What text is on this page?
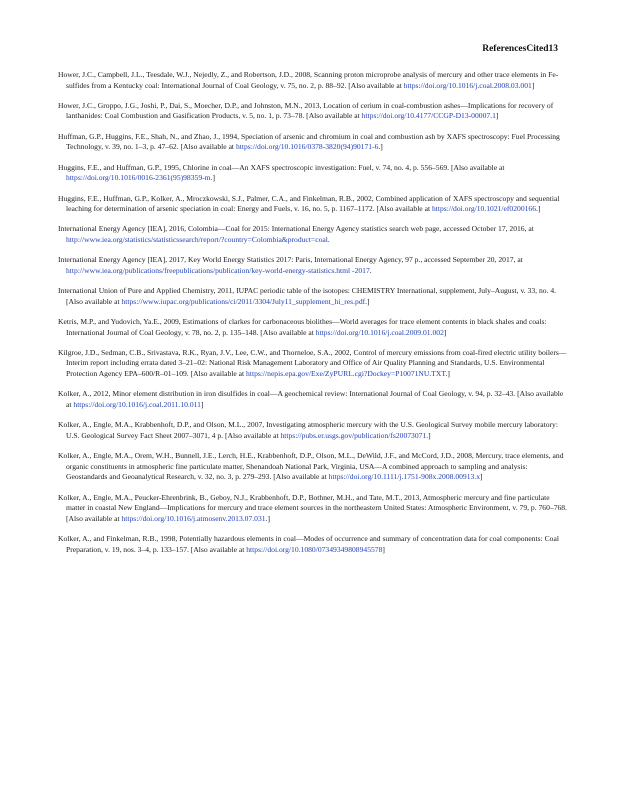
ReferencesCited13
Hower, J.C., Campbell, J.L., Teesdale, W.J., Nejedly, Z., and Robertson, J.D., 2008, Scanning proton microprobe analysis of mercury and other trace elements in Fe-sulfides from a Kentucky coal: International Journal of Coal Geology, v. 75, no. 2, p. 88–92. [Also available at https://doi.org/10.1016/j.coal.2008.03.001]
Hower, J.C., Groppo, J.G., Joshi, P., Dai, S., Moecher, D.P., and Johnston, M.N., 2013, Location of cerium in coal-combustion ashes—Implications for recovery of lanthanides: Coal Combustion and Gasification Products, v. 5, no. 1, p. 73–78. [Also available at https://doi.org/10.4177/CCGP-D13-00007.1]
Huffman, G.P., Huggins, F.E., Shah, N., and Zhao, J., 1994, Speciation of arsenic and chromium in coal and combustion ash by XAFS spectroscopy: Fuel Processing Technology, v. 39, no. 1–3, p. 47–62. [Also available at https://doi.org/10.1016/0378-3820(94)90171-6.]
Huggins, F.E., and Huffman, G.P., 1995, Chlorine in coal—An XAFS spectroscopic investigation: Fuel, v. 74, no. 4, p. 556–569. [Also available at https://doi.org/10.1016/0016-2361(95)98359-m.]
Huggins, F.E., Huffman, G.P., Kolker, A., Mroczkowski, S.J., Palmer, C.A., and Finkelman, R.B., 2002, Combined application of XAFS spectroscopy and sequential leaching for determination of arsenic speciation in coal: Energy and Fuels, v. 16, no. 5, p. 1167–1172. [Also available at https://doi.org/10.1021/ef0200166.]
International Energy Agency [IEA], 2016, Colombia—Coal for 2015: International Energy Agency statistics search web page, accessed October 17, 2016, at http://www.iea.org/statistics/statisticssearch/report/?country=Colombia&product=coal.
International Energy Agency [IEA], 2017, Key World Energy Statistics 2017: Paris, International Energy Agency, 97 p., accessed September 20, 2017, at http://www.iea.org/publications/freepublications/publication/key-world-energy-statistics.html -2017.
International Union of Pure and Applied Chemistry, 2011, IUPAC periodic table of the isotopes: CHEMISTRY International, supplement, July–August, v. 33, no. 4. [Also available at https://www.iupac.org/publications/ci/2011/3304/July11_supplement_hi_res.pdf.]
Ketris, M.P., and Yudovich, Ya.E., 2009, Estimations of clarkes for carbonaceous biolithes—World averages for trace element contents in black shales and coals: International Journal of Coal Geology, v. 78, no. 2, p. 135–148. [Also available at https://doi.org/10.1016/j.coal.2009.01.002]
Kilgroe, J.D., Sedman, C.B., Srivastava, R.K., Ryan, J.V., Lee, C.W., and Thorneloe, S.A., 2002, Control of mercury emissions from coal-fired electric utility boilers—Interim report including errata dated 3–21–02: National Risk Management Laboratory and Office of Air Quality Planning and Standards, U.S. Environmental Protection Agency EPA–600/R–01–109. [Also available at https://nepis.epa.gov/Exe/ZyPURL.cgi?Dockey=P10071NU.TXT.]
Kolker, A., 2012, Minor element distribution in iron disulfides in coal—A geochemical review: International Journal of Coal Geology, v. 94, p. 32–43. [Also available at https://doi.org/10.1016/j.coal.2011.10.011]
Kolker, A., Engle, M.A., Krabbenhoft, D.P., and Olson, M.L., 2007, Investigating atmospheric mercury with the U.S. Geological Survey mobile mercury laboratory: U.S. Geological Survey Fact Sheet 2007–3071, 4 p. [Also available at https://pubs.er.usgs.gov/publication/fs20073071.]
Kolker, A., Engle, M.A., Orem, W.H., Bunnell, J.E., Lerch, H.E., Krabbenhoft, D.P., Olson, M.L., DeWild, J.F., and McCord, J.D., 2008, Mercury, trace elements, and organic constituents in atmospheric fine particulate matter, Shenandoah National Park, Virginia, USA—A combined approach to sampling and analysis: Geostandards and Geoanalytical Research, v. 32, no. 3, p. 279–293. [Also available at https://doi.org/10.1111/j.1751-908x.2008.00913.x]
Kolker, A., Engle, M.A., Peucker-Ehrenbrink, B., Geboy, N.J., Krabbenhoft, D.P., Bothner, M.H., and Tate, M.T., 2013, Atmospheric mercury and fine particulate matter in coastal New England—Implications for mercury and trace element sources in the northeastern United States: Atmospheric Environment, v. 79, p. 760–768. [Also available at https://doi.org/10.1016/j.atmosenv.2013.07.031.]
Kolker, A., and Finkelman, R.B., 1998, Potentially hazardous elements in coal—Modes of occurrence and summary of concentration data for coal components: Coal Preparation, v. 19, nos. 3–4, p. 133–157. [Also available at https://doi.org/10.1080/07349349808945578]
